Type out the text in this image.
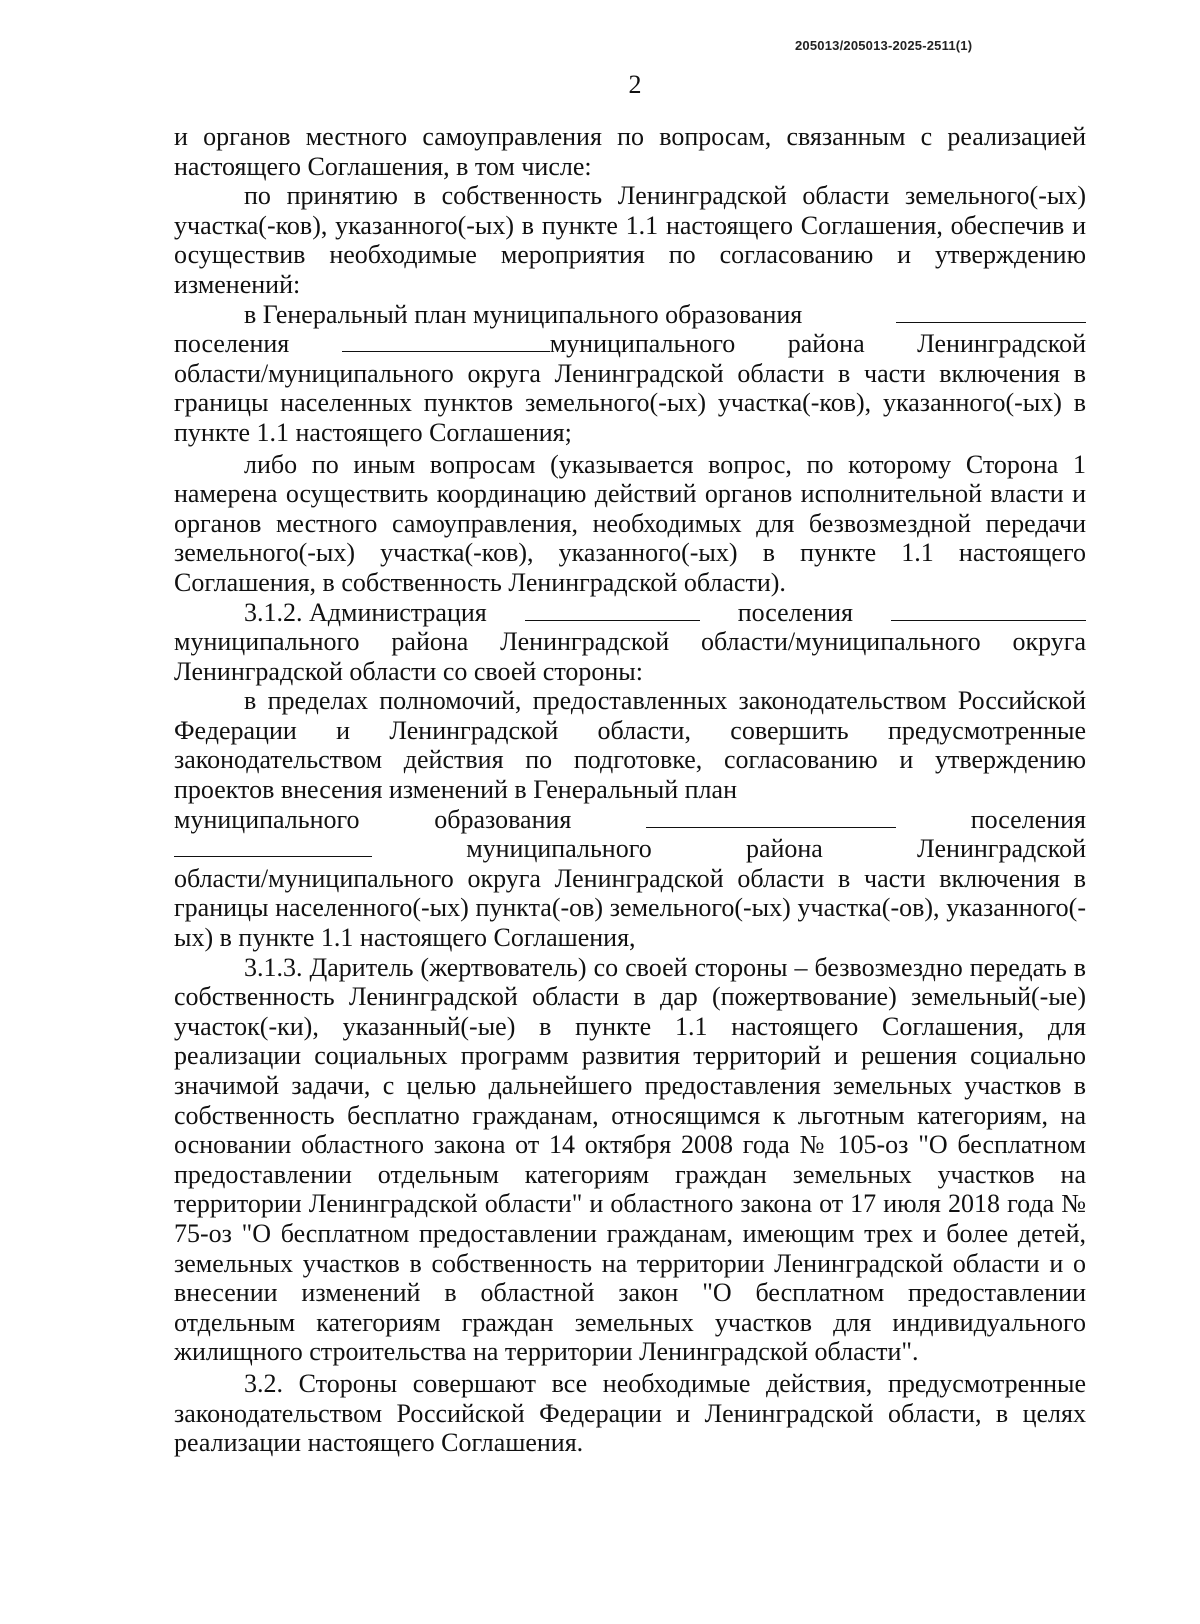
205013/205013-2025-2511(1)
2

и органов местного самоуправления по вопросам, связанным с реализацией настоящего Соглашения, в том числе:

по принятию в собственность Ленинградской области земельного(-ых) участка(-ков), указанного(-ых) в пункте 1.1 настоящего Соглашения, обеспечив и осуществив необходимые мероприятия по согласованию и утверждению изменений:

в Генеральный план муниципального образования
поселения	муниципального района Ленинградской

области/муниципального округа Ленинградской области в части включения в границы населенных пунктов земельного(-ых) участка(-ков), указанного(-ых) в пункте 1.1 настоящего Соглашения;

либо по иным вопросам (указывается вопрос, по которому Сторона 1 намерена осуществить координацию действий органов исполнительной власти и органов местного самоуправления, необходимых для безвозмездной передачи земельного(-ых) участка(-ков), указанного(-ых) в пункте 1.1 настоящего Соглашения, в собственность Ленинградской области).

3.1.2. Администрация	поселения

муниципального района Ленинградской области/муниципального округа Ленинградской области со своей стороны:

в пределах полномочий, предоставленных законодательством Российской Федерации и Ленинградской области, совершить предусмотренные законодательством действия по подготовке, согласованию и утверждению проектов внесения изменений в Генеральный план

муниципального	образования	поселения
муниципального	района	Ленинградской

области/муниципального округа Ленинградской области в части включения в границы населенного(-ых) пункта(-ов) земельного(-ых) участка(-ов), указанного(-ых) в пункте 1.1 настоящего Соглашения,

3.1.3. Даритель (жертвователь) со своей стороны – безвозмездно передать в собственность Ленинградской области в дар (пожертвование) земельный(-ые) участок(-ки), указанный(-ые) в пункте 1.1 настоящего Соглашения, для реализации социальных программ развития территорий и решения социально значимой задачи, с целью дальнейшего предоставления земельных участков в собственность бесплатно гражданам, относящимся к льготным категориям, на основании областного закона от 14 октября 2008 года № 105-оз "О бесплатном предоставлении отдельным категориям граждан земельных участков на территории Ленинградской области" и областного закона от 17 июля 2018 года № 75-оз "О бесплатном предоставлении гражданам, имеющим трех и более детей, земельных участков в собственность на территории Ленинградской области и о внесении изменений в областной закон "О бесплатном предоставлении отдельным категориям граждан земельных участков для индивидуального жилищного строительства на территории Ленинградской области".

3.2. Стороны совершают все необходимые действия, предусмотренные законодательством Российской Федерации и Ленинградской области, в целях реализации настоящего Соглашения.
